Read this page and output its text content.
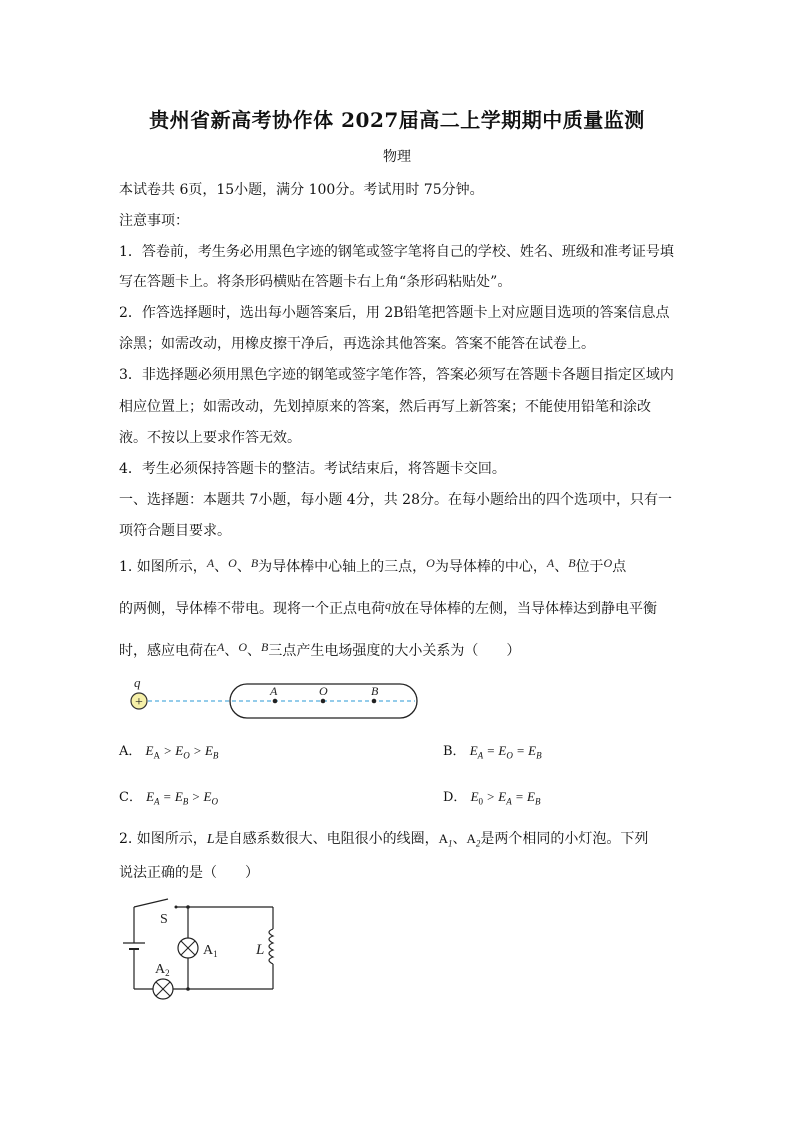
贵州省新高考协作体 2027届高二上学期期中质量监测
物理
本试卷共 6页，15小题，满分 100分。考试用时 75分钟。
注意事项：
1．答卷前，考生务必用黑色字迹的钢笔或签字笔将自己的学校、姓名、班级和准考证号填
写在答题卡上。将条形码横贴在答题卡右上角“条形码粘贴处”。
2．作答选择题时，选出每小题答案后，用 2B铅笔把答题卡上对应题目选项的答案信息点
涂黑；如需改动，用橡皮擦干净后，再选涂其他答案。答案不能答在试卷上。
3．非选择题必须用黑色字迹的钢笔或签字笔作答，答案必须写在答题卡各题目指定区域内
相应位置上；如需改动，先划掉原来的答案，然后再写上新答案；不能使用铅笔和涂改
液。不按以上要求作答无效。
4．考生必须保持答题卡的整洁。考试结束后，将答题卡交回。
一、选择题：本题共 7小题，每小题 4分，共 28分。在每小题给出的四个选项中，只有一
项符合题目要求。
1. 如图所示，A、O、B为导体棒中心轴上的三点，O为导体棒的中心，A、B位于O点
的两侧，导体棒不带电。现将一个正点电荷q放在导体棒的左侧，当导体棒达到静电平衡
时，感应电荷在A、O、B三点产生电场强度的大小关系为（　　）
q
+
A	O	B
A． $E_A > E_O > E_B$	B． $E_A = E_O = E_B$
C． $E_A = E_B > E_O$	D． $E_0 > E_A = E_B$
2. 如图所示，L是自感系数很大、电阻很小的线圈，$A_1$、$A_2$是两个相同的小灯泡。下列
说法正确的是（　　）
S
$A_1$	L
$A_2$
